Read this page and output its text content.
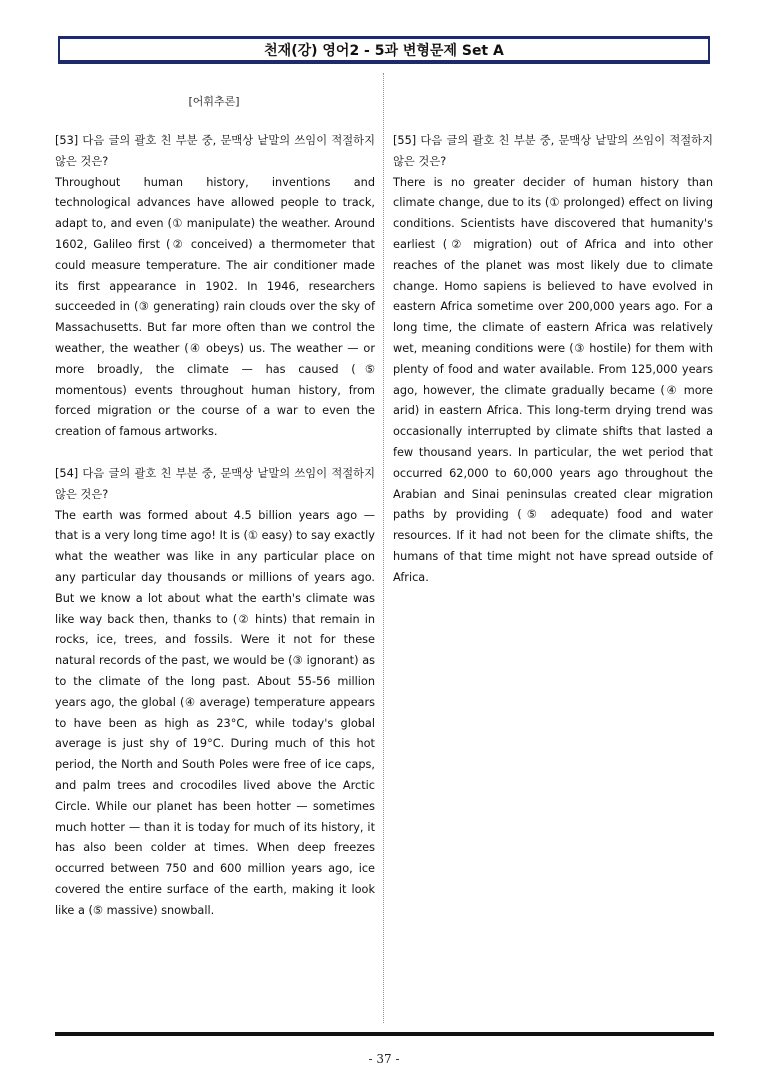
천재(강) 영어2 - 5과 변형문제 Set A
[어휘추론]
[53] 다음 글의 괄호 친 부분 중, 문맥상 낱말의 쓰임이 적절하지 않은 것은?
Throughout human history, inventions and technological advances have allowed people to track, adapt to, and even (① manipulate) the weather. Around 1602, Galileo first (② conceived) a thermometer that could measure temperature. The air conditioner made its first appearance in 1902. In 1946, researchers succeeded in (③ generating) rain clouds over the sky of Massachusetts. But far more often than we control the weather, the weather (④ obeys) us. The weather — or more broadly, the climate — has caused (⑤ momentous) events throughout human history, from forced migration or the course of a war to even the creation of famous artworks.
[54] 다음 글의 괄호 친 부분 중, 문맥상 낱말의 쓰임이 적절하지 않은 것은?
The earth was formed about 4.5 billion years ago — that is a very long time ago! It is (① easy) to say exactly what the weather was like in any particular place on any particular day thousands or millions of years ago. But we know a lot about what the earth's climate was like way back then, thanks to (② hints) that remain in rocks, ice, trees, and fossils. Were it not for these natural records of the past, we would be (③ ignorant) as to the climate of the long past. About 55-56 million years ago, the global (④ average) temperature appears to have been as high as 23°C, while today's global average is just shy of 19°C. During much of this hot period, the North and South Poles were free of ice caps, and palm trees and crocodiles lived above the Arctic Circle. While our planet has been hotter — sometimes much hotter — than it is today for much of its history, it has also been colder at times. When deep freezes occurred between 750 and 600 million years ago, ice covered the entire surface of the earth, making it look like a (⑤ massive) snowball.
[55] 다음 글의 괄호 친 부분 중, 문맥상 낱말의 쓰임이 적절하지 않은 것은?
There is no greater decider of human history than climate change, due to its (① prolonged) effect on living conditions. Scientists have discovered that humanity's earliest (② migration) out of Africa and into other reaches of the planet was most likely due to climate change. Homo sapiens is believed to have evolved in eastern Africa sometime over 200,000 years ago. For a long time, the climate of eastern Africa was relatively wet, meaning conditions were (③ hostile) for them with plenty of food and water available. From 125,000 years ago, however, the climate gradually became (④ more arid) in eastern Africa. This long-term drying trend was occasionally interrupted by climate shifts that lasted a few thousand years. In particular, the wet period that occurred 62,000 to 60,000 years ago throughout the Arabian and Sinai peninsulas created clear migration paths by providing (⑤ adequate) food and water resources. If it had not been for the climate shifts, the humans of that time might not have spread outside of Africa.
- 37 -
